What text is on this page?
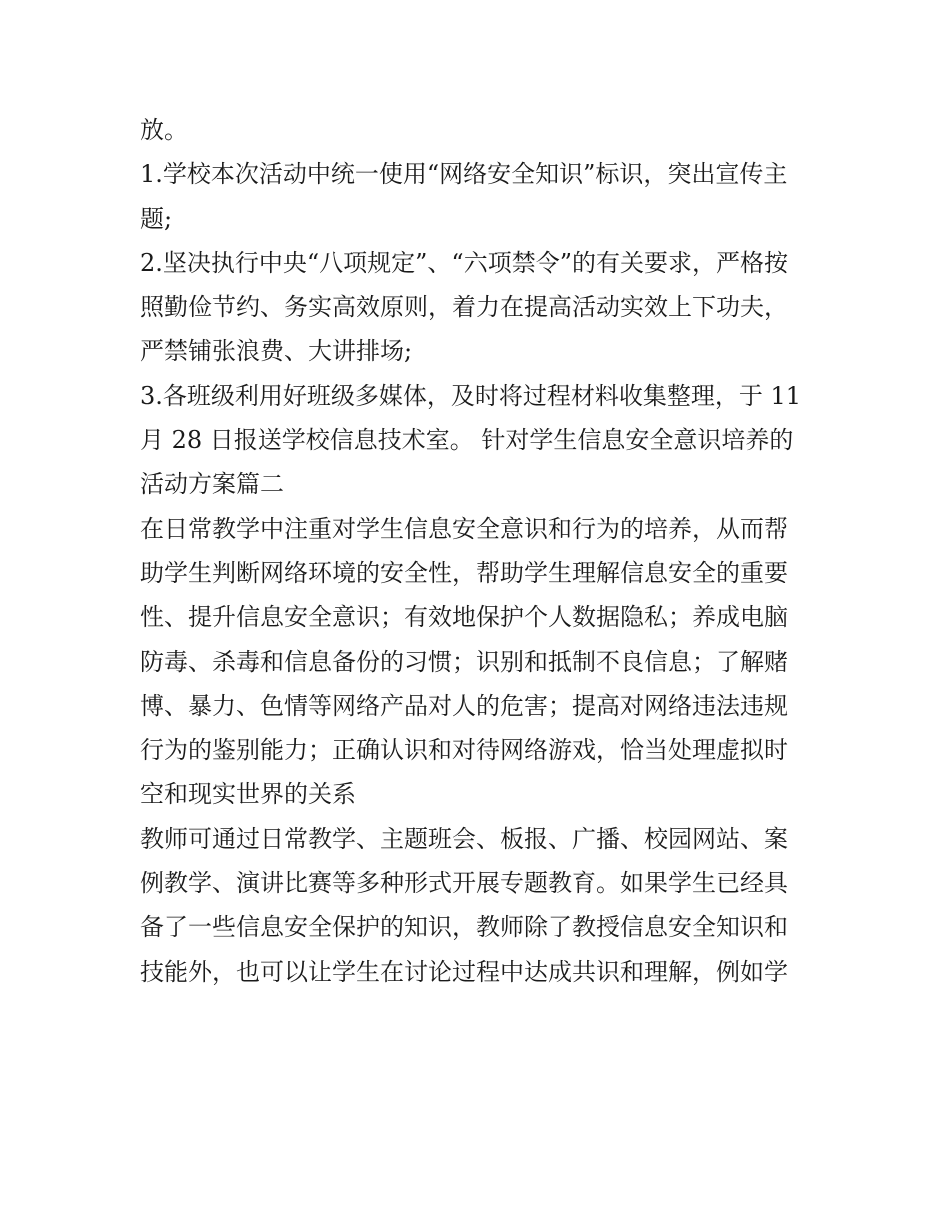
放。
1.学校本次活动中统一使用“网络安全知识”标识，突出宣传主
题;
2.坚决执行中央“八项规定”、“六项禁令”的有关要求，严格按
照勤俭节约、务实高效原则，着力在提高活动实效上下功夫，
严禁铺张浪费、大讲排场;
3.各班级利用好班级多媒体，及时将过程材料收集整理，于 11
月 28 日报送学校信息技术室。 针对学生信息安全意识培养的
活动方案篇二
在日常教学中注重对学生信息安全意识和行为的培养，从而帮
助学生判断网络环境的安全性，帮助学生理解信息安全的重要
性、提升信息安全意识；有效地保护个人数据隐私；养成电脑
防毒、杀毒和信息备份的习惯；识别和抵制不良信息；了解赌
博、暴力、色情等网络产品对人的危害；提高对网络违法违规
行为的鉴别能力；正确认识和对待网络游戏，恰当处理虚拟时
空和现实世界的关系
教师可通过日常教学、主题班会、板报、广播、校园网站、案
例教学、演讲比赛等多种形式开展专题教育。如果学生已经具
备了一些信息安全保护的知识，教师除了教授信息安全知识和
技能外，也可以让学生在讨论过程中达成共识和理解，例如学
